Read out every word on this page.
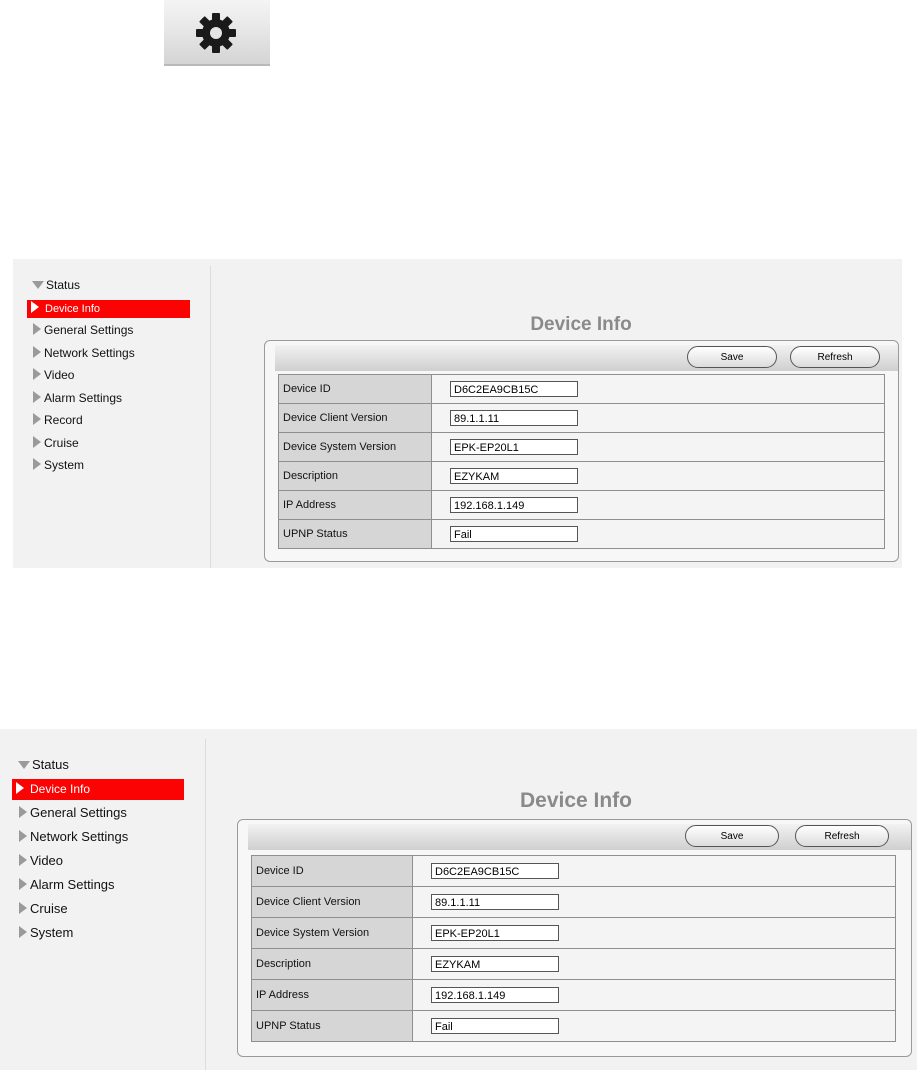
Status
Device Info
General Settings
Network Settings
Video
Alarm Settings
Record
Cruise
System
Device Info
Save	Refresh
Device ID	D6C2EA9CB15C
Device Client Version	89.1.1.11
Device System Version	EPK-EP20L1
Description	EZYKAM
IP Address	192.168.1.149
UPNP Status	Fail
Status
Device Info
General Settings
Network Settings
Video
Alarm Settings
Cruise
System
Device Info
Save	Refresh
Device ID	D6C2EA9CB15C
Device Client Version	89.1.1.11
Device System Version	EPK-EP20L1
Description	EZYKAM
IP Address	192.168.1.149
UPNP Status	Fail
